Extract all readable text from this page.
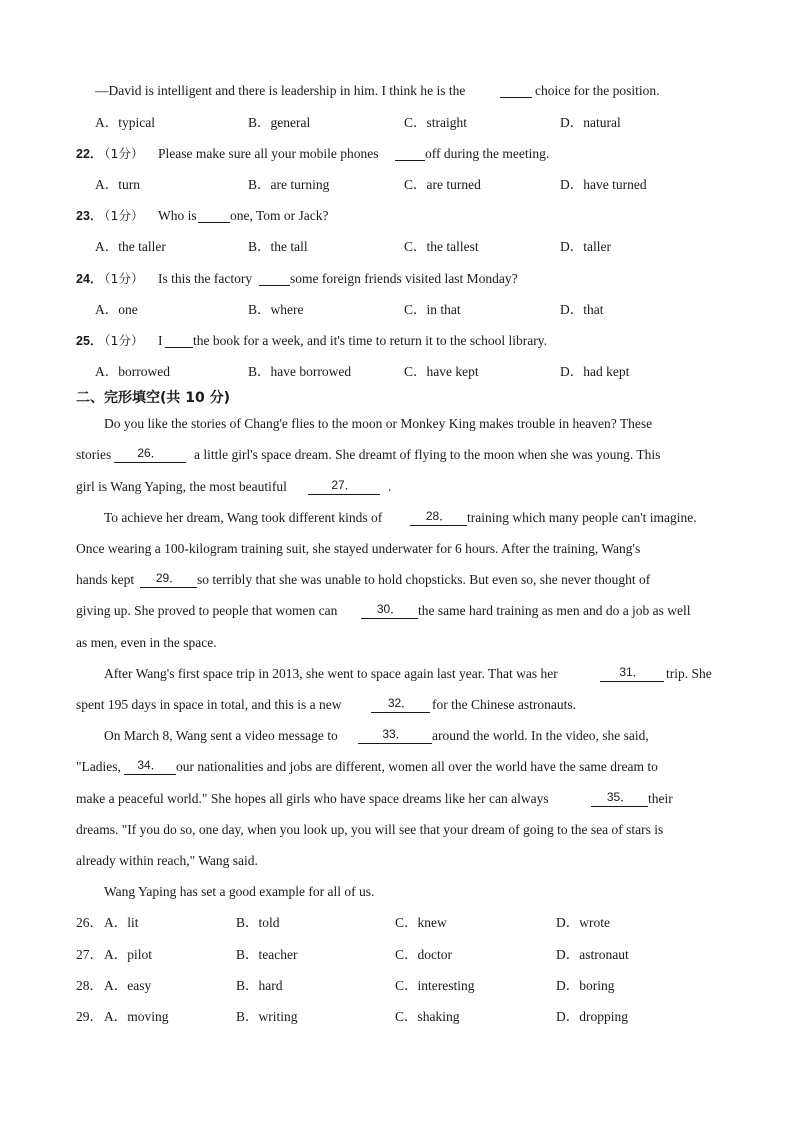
—David is intelligent and there is leadership in him. I think he is the	choice for the position.
A．typical	B．general	C．straight	D．natural
22．
（1分） Please make sure all your mobile phones	off during the meeting.
A．turn	B．are turning	C．are turned	D．have turned
23．
（1分） Who is one, Tom or Jack?
A．the taller	B．the tall	C．the tallest	D．taller
24．
（1分） Is this the factory	some foreign friends visited last Monday?
A．one	B．where	C．in that	D．that
25．
（1分） I the book for a week, and it's time to return it to the school library.
A．borrowed	B．have borrowed	C．have kept	D．had kept
二、完形填空(共 10 分)
Do you like the stories of Chang'e flies to the moon or Monkey King makes trouble in heaven? These
stories	26．	a little girl's space dream. She dreamt of flying to the moon when she was young. This
girl is Wang Yaping, the most beautiful	27．	.
To achieve her dream, Wang took different kinds of	28．	training which many people can't imagine.
Once wearing a 100-kilogram training suit, she stayed underwater for 6 hours. After the training, Wang's
hands kept	29．	so terribly that she was unable to hold chopsticks. But even so, she never thought of
giving up. She proved to people that women can	30．	the same hard training as men and do a job as well
as men, even in the space.
After Wang's first space trip in 2013, she went to space again last year. That was her	31．	trip. She
spent 195 days in space in total, and this is a new	32．	for the Chinese astronauts.
On March 8, Wang sent a video message to	33．	around the world. In the video, she said,
"Ladies,	34． our nationalities and jobs are different, women all over the world have the same dream to
make a peaceful world." She hopes all girls who have space dreams like her can always	35．	their
dreams. "If you do so, one day, when you look up, you will see that your dream of going to the sea of stars is
already within reach," Wang said.
Wang Yaping has set a good example for all of us.
26． A．lit	B．told	C．knew	D．wrote
27． A．pilot	B．teacher	C．doctor	D．astronaut
28． A．easy	B．hard	C．interesting	D．boring
29． A．moving	B．writing	C．shaking	D．dropping
